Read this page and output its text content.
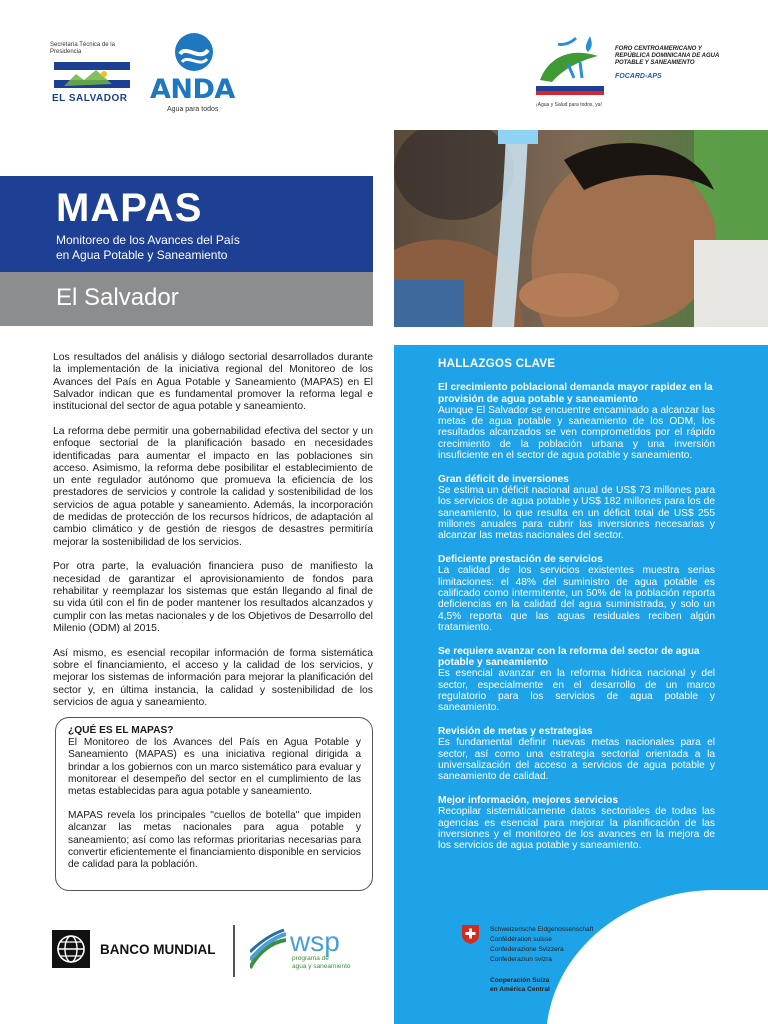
Secretaría Técnica de la Presidencia
EL SALVADOR ANDA
Agua para todos
FORO CENTROAMERICANO Y REPÚBLICA DOMINICANA DE AGUA POTABLE Y SANEAMIENTO
FOCARD-APS
¡Agua y Salud para todos, ya!
MAPAS
Monitoreo de los Avances del País
en Agua Potable y Saneamiento
El Salvador

Los resultados del análisis y diálogo sectorial desarrollados durante la implementación de la iniciativa regional del Monitoreo de los Avances del País en Agua Potable y Saneamiento (MAPAS) en El Salvador indican que es fundamental promover la reforma legal e institucional del sector de agua potable y saneamiento.

La reforma debe permitir una gobernabilidad efectiva del sector y un enfoque sectorial de la planificación basado en necesidades identificadas para aumentar el impacto en las poblaciones sin acceso. Asimismo, la reforma debe posibilitar el establecimiento de un ente regulador autónomo que promueva la eficiencia de los prestadores de servicios y controle la calidad y sostenibilidad de los servicios de agua potable y saneamiento. Además, la incorporación de medidas de protección de los recursos hídricos, de adaptación al cambio climático y de gestión de riesgos de desastres permitiría mejorar la sostenibilidad de los servicios.

Por otra parte, la evaluación financiera puso de manifiesto la necesidad de garantizar el aprovisionamiento de fondos para rehabilitar y reemplazar los sistemas que están llegando al final de su vida útil con el fin de poder mantener los resultados alcanzados y cumplir con las metas nacionales y de los Objetivos de Desarrollo del Milenio (ODM) al 2015.

Así mismo, es esencial recopilar información de forma sistemática sobre el financiamiento, el acceso y la calidad de los servicios, y mejorar los sistemas de información para mejorar la planificación del sector y, en última instancia, la calidad y sostenibilidad de los servicios de agua y saneamiento.

¿QUÉ ES EL MAPAS?

El Monitoreo de los Avances del País en Agua Potable y Saneamiento (MAPAS) es una iniciativa regional dirigida a brindar a los gobiernos con un marco sistemático para evaluar y monitorear el desempeño del sector en el cumplimiento de las metas establecidas para agua potable y saneamiento.

MAPAS revela los principales "cuellos de botella" que impiden alcanzar las metas nacionales para agua potable y saneamiento; así como las reformas prioritarias necesarias para convertir eficientemente el financiamiento disponible en servicios de calidad para la población.

HALLAZGOS CLAVE
El crecimiento poblacional demanda mayor rapidez en la provisión de agua potable y saneamiento
Aunque El Salvador se encuentre encaminado a alcanzar las metas de agua potable y saneamiento de los ODM, los resultados alcanzados se ven comprometidos por el rápido crecimiento de la población urbana y una inversión insuficiente en el sector de agua potable y saneamiento.
Gran déficit de inversiones
Se estima un déficit nacional anual de US$ 73 millones para los servicios de agua potable y US$ 182 millones para los de saneamiento, lo que resulta en un déficit total de US$ 255 millones anuales para cubrir las inversiones necesarias y alcanzar las metas nacionales del sector.
Deficiente prestación de servicios
La calidad de los servicios existentes muestra serias limitaciones: el 48% del suministro de agua potable es calificado como intermitente, un 50% de la población reporta deficiencias en la calidad del agua suministrada, y solo un 4,5% reporta que las aguas residuales reciben algún tratamiento.
Se requiere avanzar con la reforma del sector de agua potable y saneamiento
Es esencial avanzar en la reforma hídrica nacional y del sector, especialmente en el desarrollo de un marco regulatorio para los servicios de agua potable y saneamiento.
Revisión de metas y estrategias
Es fundamental definir nuevas metas nacionales para el sector, así como una estrategia sectorial orientada a la universalización del acceso a servicios de agua potable y saneamiento de calidad.
Mejor información, mejores servicios
Recopilar sistemáticamente datos sectoriales de todas las agencias es esencial para mejorar la planificación de las inversiones y el monitoreo de los avances en la mejora de los servicios de agua potable y saneamiento.
BANCO MUNDIAL	wsp
programa de
agua y saneamiento
Schweizerische Eidgenossenschaft
Confédération suisse
Confederazione Svizzera
Confederaziun svizra
Cooperación Suiza
en América Central
